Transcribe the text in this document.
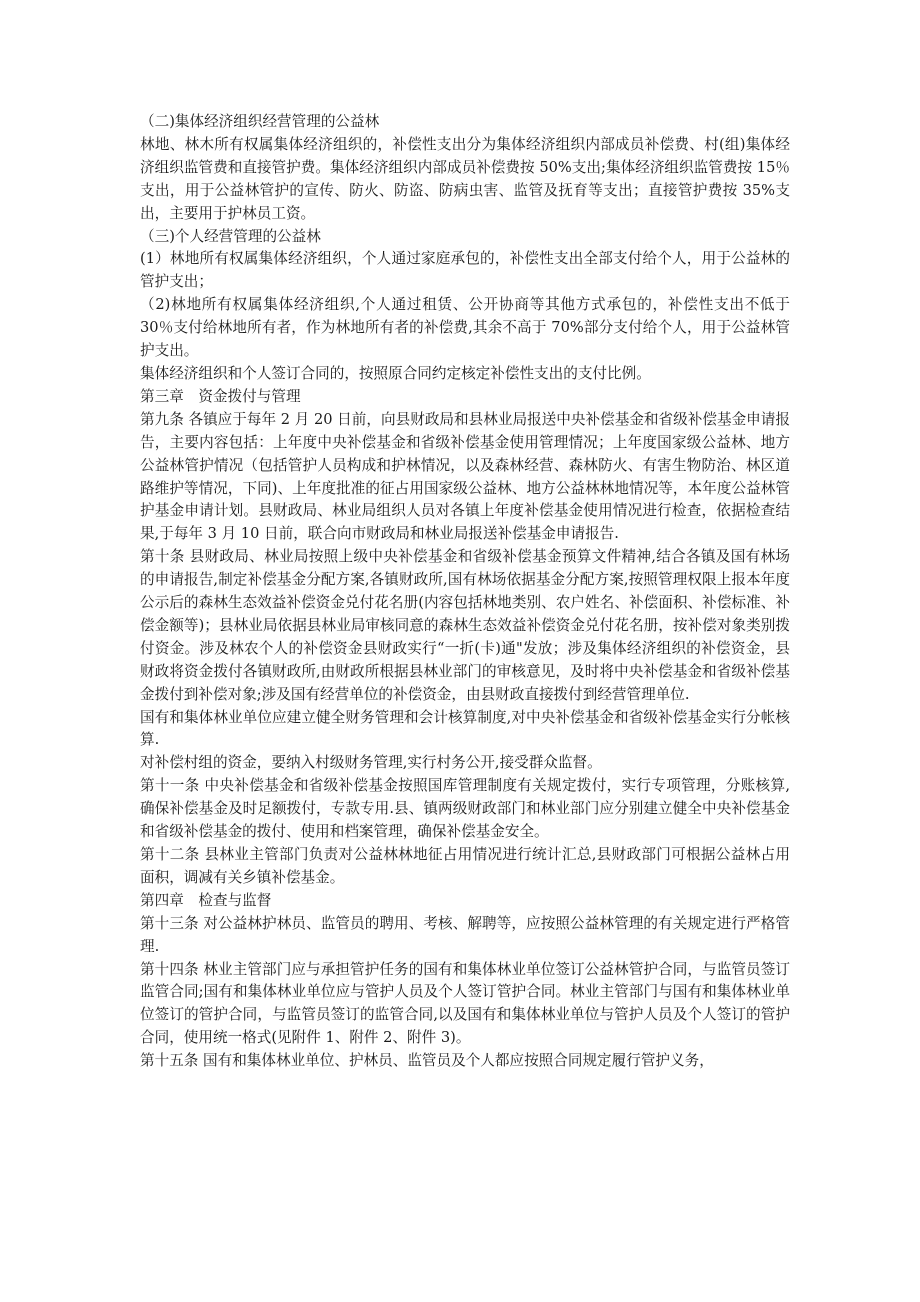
（二)集体经济组织经营管理的公益林

林地、林木所有权属集体经济组织的，补偿性支出分为集体经济组织内部成员补偿费、村(组)集体经济组织监管费和直接管护费。集体经济组织内部成员补偿费按 50%支出;集体经济组织监管费按 15％支出，用于公益林管护的宣传、防火、防盗、防病虫害、监管及抚育等支出；直接管护费按 35%支出，主要用于护林员工资。

（三)个人经营管理的公益林

(1）林地所有权属集体经济组织，个人通过家庭承包的，补偿性支出全部支付给个人，用于公益林的管护支出；

（2)林地所有权属集体经济组织,个人通过租赁、公开协商等其他方式承包的，补偿性支出不低于 30％支付给林地所有者，作为林地所有者的补偿费,其余不高于 70%部分支付给个人，用于公益林管护支出。

集体经济组织和个人签订合同的，按照原合同约定核定补偿性支出的支付比例。

第三章　资金拨付与管理

第九条 各镇应于每年 2 月 20 日前，向县财政局和县林业局报送中央补偿基金和省级补偿基金申请报告，主要内容包括：上年度中央补偿基金和省级补偿基金使用管理情况；上年度国家级公益林、地方公益林管护情况（包括管护人员构成和护林情况，以及森林经营、森林防火、有害生物防治、林区道路维护等情况，下同)、上年度批准的征占用国家级公益林、地方公益林林地情况等，本年度公益林管护基金申请计划。县财政局、林业局组织人员对各镇上年度补偿基金使用情况进行检查，依据检查结果,于每年 3 月 10 日前，联合向市财政局和林业局报送补偿基金申请报告.

第十条 县财政局、林业局按照上级中央补偿基金和省级补偿基金预算文件精神,结合各镇及国有林场的申请报告,制定补偿基金分配方案,各镇财政所,国有林场依据基金分配方案,按照管理权限上报本年度公示后的森林生态效益补偿资金兑付花名册(内容包括林地类别、农户姓名、补偿面积、补偿标准、补偿金额等)；县林业局依据县林业局审核同意的森林生态效益补偿资金兑付花名册，按补偿对象类别拨付资金。涉及林农个人的补偿资金县财政实行“一折(卡)通"发放；涉及集体经济组织的补偿资金，县财政将资金拨付各镇财政所,由财政所根据县林业部门的审核意见，及时将中央补偿基金和省级补偿基金拨付到补偿对象;涉及国有经营单位的补偿资金，由县财政直接拨付到经营管理单位.

国有和集体林业单位应建立健全财务管理和会计核算制度,对中央补偿基金和省级补偿基金实行分帐核算.

对补偿村组的资金，要纳入村级财务管理,实行村务公开,接受群众监督。

第十一条 中央补偿基金和省级补偿基金按照国库管理制度有关规定拨付，实行专项管理，分账核算,确保补偿基金及时足额拨付，专款专用.县、镇两级财政部门和林业部门应分别建立健全中央补偿基金和省级补偿基金的拨付、使用和档案管理，确保补偿基金安全。

第十二条 县林业主管部门负责对公益林林地征占用情况进行统计汇总,县财政部门可根据公益林占用面积，调减有关乡镇补偿基金。

第四章　检查与监督

第十三条 对公益林护林员、监管员的聘用、考核、解聘等，应按照公益林管理的有关规定进行严格管理.

第十四条 林业主管部门应与承担管护任务的国有和集体林业单位签订公益林管护合同，与监管员签订监管合同;国有和集体林业单位应与管护人员及个人签订管护合同。林业主管部门与国有和集体林业单位签订的管护合同，与监管员签订的监管合同,以及国有和集体林业单位与管护人员及个人签订的管护合同，使用统一格式(见附件 1、附件 2、附件 3)。

第十五条 国有和集体林业单位、护林员、监管员及个人都应按照合同规定履行管护义务，
